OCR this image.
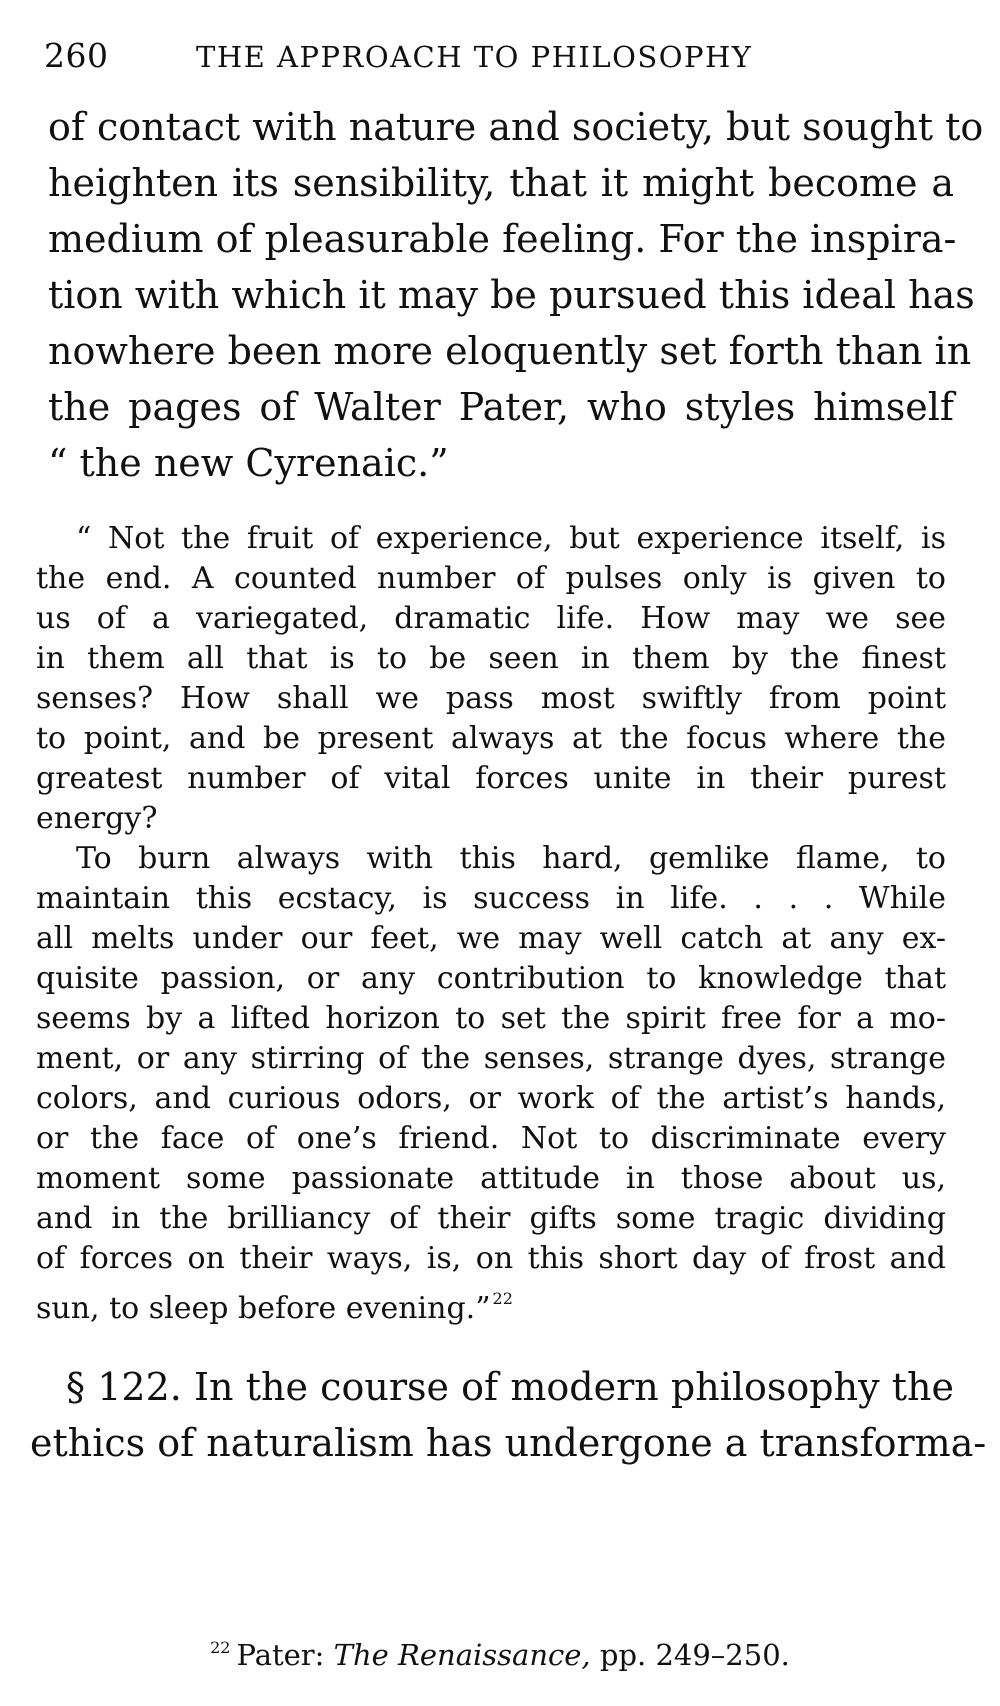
260	THE APPROACH TO PHILOSOPHY
of contact with nature and society, but sought to
heighten its sensibility, that it might become a
medium of pleasurable feeling. For the inspira-
tion with which it may be pursued this ideal has
nowhere been more eloquently set forth than in
the pages of Walter Pater, who styles himself
“ the new Cyrenaic.”
“ Not the fruit of experience, but experience itself, is
the end. A counted number of pulses only is given to
us of a variegated, dramatic life. How may we see
in them all that is to be seen in them by the finest
senses? How shall we pass most swiftly from point
to point, and be present always at the focus where the
greatest number of vital forces unite in their purest
energy?
To burn always with this hard, gemlike flame, to
maintain this ecstacy, is success in life. . . . While
all melts under our feet, we may well catch at any ex-
quisite passion, or any contribution to knowledge that
seems by a lifted horizon to set the spirit free for a mo-
ment, or any stirring of the senses, strange dyes, strange
colors, and curious odors, or work of the artist’s hands,
or the face of one’s friend. Not to discriminate every
moment some passionate attitude in those about us,
and in the brilliancy of their gifts some tragic dividing
of forces on their ways, is, on this short day of frost and
sun, to sleep before evening.” $^{22}$
§ 122. In the course of modern philosophy the
ethics of naturalism has undergone a transforma-
$^{22}$ Pater: The Renaissance, pp. 249–250.
